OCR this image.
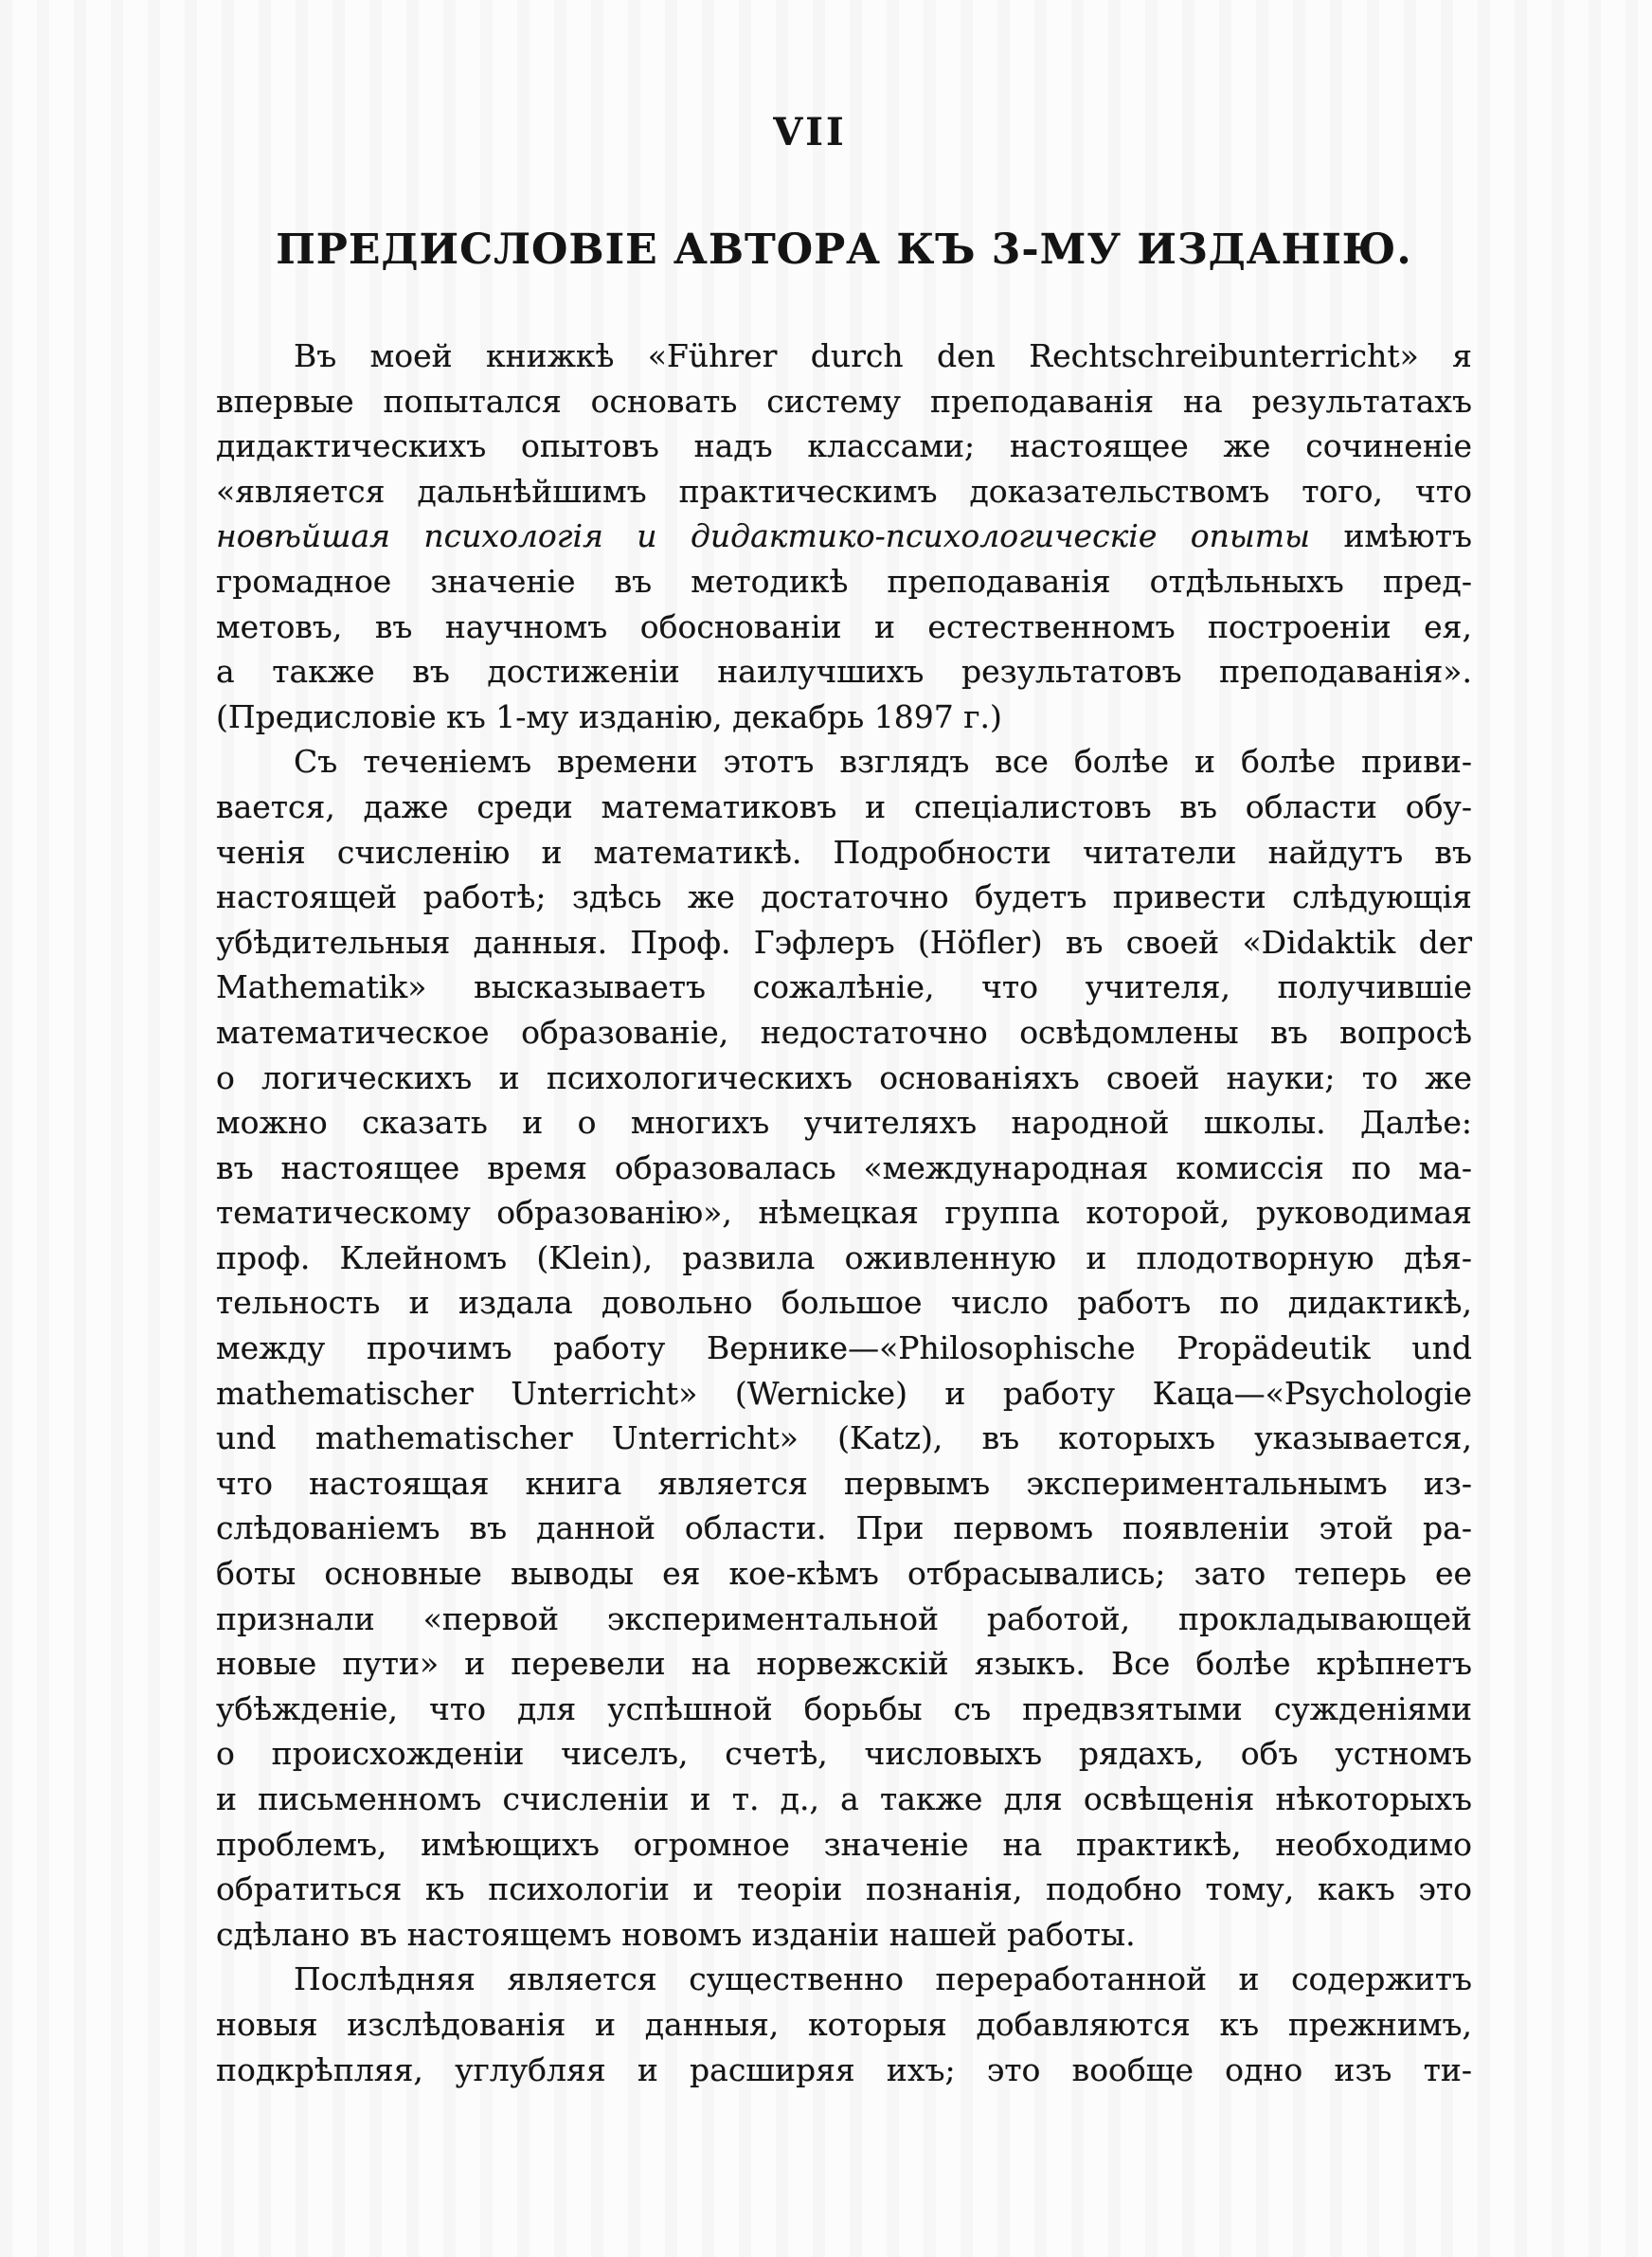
VII
ПРЕДИСЛОВІЕ АВТОРА КЪ 3-МУ ИЗДАНІЮ.
Въ моей книжкѣ «Führer durch den Rechtschreibunterricht» я
впервые попытался основать систему преподаванія на результатахъ
дидактическихъ опытовъ надъ классами; настоящее же сочиненіе
«является дальнѣйшимъ практическимъ доказательствомъ того, что
новѣйшая психологія и дидактико-психологическіе опыты имѣютъ
громадное значеніе въ методикѣ преподаванія отдѣльныхъ пред-
метовъ, въ научномъ обоснованіи и естественномъ построеніи ея,
а также въ достиженіи наилучшихъ результатовъ преподаванія».
(Предисловіе къ 1-му изданію, декабрь 1897 г.)
Съ теченіемъ времени этотъ взглядъ все болѣе и болѣе приви-
вается, даже среди математиковъ и спеціалистовъ въ области обу-
ченія счисленію и математикѣ. Подробности читатели найдутъ въ
настоящей работѣ; здѣсь же достаточно будетъ привести слѣдующія
убѣдительныя данныя. Проф. Гэфлеръ (Höfler) въ своей «Didaktik der
Mathematik» высказываетъ сожалѣніе, что учителя, получившіе
математическое образованіе, недостаточно освѣдомлены въ вопросѣ
о логическихъ и психологическихъ основаніяхъ своей науки; то же
можно сказать и о многихъ учителяхъ народной школы. Далѣе:
въ настоящее время образовалась «международная комиссія по ма-
тематическому образованію», нѣмецкая группа которой, руководимая
проф. Клейномъ (Klein), развила оживленную и плодотворную дѣя-
тельность и издала довольно большое число работъ по дидактикѣ,
между прочимъ работу Вернике—«Philosophische Propädeutik und
mathematischer Unterricht» (Wernicke) и работу Каца—«Psychologie
und mathematischer Unterricht» (Katz), въ которыхъ указывается,
что настоящая книга является первымъ экспериментальнымъ из-
слѣдованіемъ въ данной области. При первомъ появленіи этой ра-
боты основные выводы ея кое-кѣмъ отбрасывались; зато теперь ее
признали «первой экспериментальной работой, прокладывающей
новые пути» и перевели на норвежскій языкъ. Все болѣе крѣпнетъ
убѣжденіе, что для успѣшной борьбы съ предвзятыми сужденіями
о происхожденіи чиселъ, счетѣ, числовыхъ рядахъ, объ устномъ
и письменномъ счисленіи и т. д., а также для освѣщенія нѣкоторыхъ
проблемъ, имѣющихъ огромное значеніе на практикѣ, необходимо
обратиться къ психологіи и теоріи познанія, подобно тому, какъ это
сдѣлано въ настоящемъ новомъ изданіи нашей работы.
Послѣдняя является существенно переработанной и содержитъ
новыя изслѣдованія и данныя, которыя добавляются къ прежнимъ,
подкрѣпляя, углубляя и расширяя ихъ; это вообще одно изъ ти-
